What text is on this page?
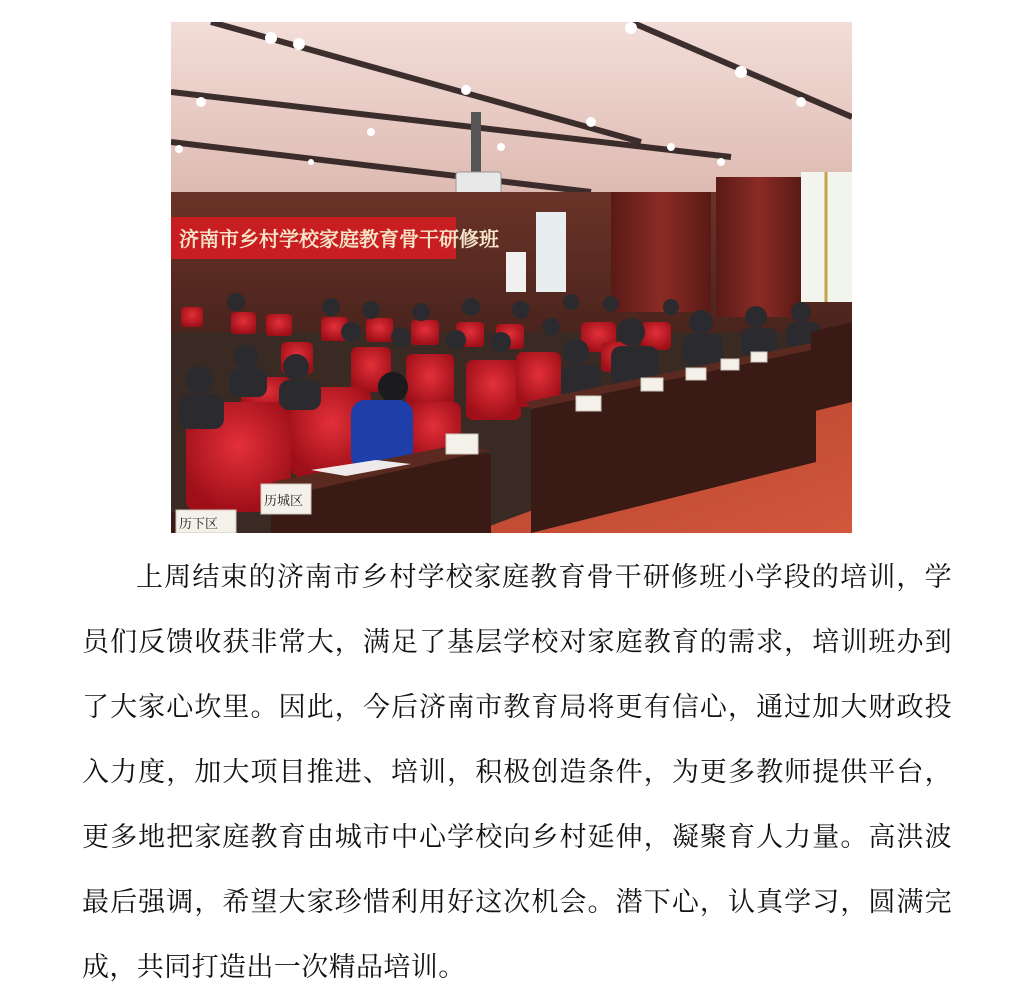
济南市乡村学校家庭教育骨干研修班
历城区
历下区

上周结束的济南市乡村学校家庭教育骨干研修班小学段的培训，学员们反馈收获非常大，满足了基层学校对家庭教育的需求，培训班办到了大家心坎里。因此，今后济南市教育局将更有信心，通过加大财政投入力度，加大项目推进、培训，积极创造条件，为更多教师提供平台，更多地把家庭教育由城市中心学校向乡村延伸，凝聚育人力量。高洪波最后强调，希望大家珍惜利用好这次机会。潜下心，认真学习，圆满完成，共同打造出一次精品培训。
